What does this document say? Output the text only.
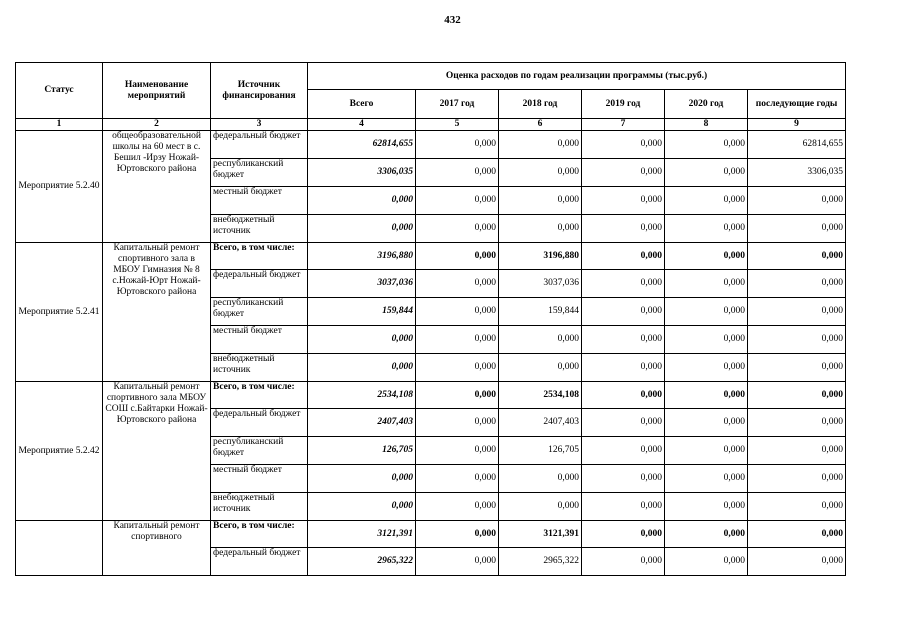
432
Статус	Наименование мероприятий	Источник финансирования	Оценка расходов по годам реализации программы (тыс.руб.)					
			Всего	2017 год	2018 год	2019 год	2020 год	последующие годы
1	2	3	4	5	6	7	8	9
Мероприятие 5.2.40	общеобразовательной школы на 60 мест в с. Бешил -Ирзу Ножай-Юртовского района	федеральный бюджет	62814,655	0,000	0,000	0,000	0,000	62814,655
		республиканский бюджет	3306,035	0,000	0,000	0,000	0,000	3306,035
		местный бюджет	0,000	0,000	0,000	0,000	0,000	0,000
		внебюджетный источник	0,000	0,000	0,000	0,000	0,000	0,000
Мероприятие 5.2.41	Капитальный ремонт спортивного зала в МБОУ Гимназия № 8 с.Ножай-Юрт Ножай-Юртовского района	Всего, в том числе:	3196,880	0,000	3196,880	0,000	0,000	0,000
		федеральный бюджет	3037,036	0,000	3037,036	0,000	0,000	0,000
		республиканский бюджет	159,844	0,000	159,844	0,000	0,000	0,000
		местный бюджет	0,000	0,000	0,000	0,000	0,000	0,000
		внебюджетный источник	0,000	0,000	0,000	0,000	0,000	0,000
Мероприятие 5.2.42	Капитальный ремонт спортивного зала МБОУ СОШ с.Байтарки Ножай-Юртовского района	Всего, в том числе:	2534,108	0,000	2534,108	0,000	0,000	0,000
		федеральный бюджет	2407,403	0,000	2407,403	0,000	0,000	0,000
		республиканский бюджет	126,705	0,000	126,705	0,000	0,000	0,000
		местный бюджет	0,000	0,000	0,000	0,000	0,000	0,000
		внебюджетный источник	0,000	0,000	0,000	0,000	0,000	0,000
	Капитальный ремонт спортивного	Всего, в том числе:	3121,391	0,000	3121,391	0,000	0,000	0,000
		федеральный бюджет	2965,322	0,000	2965,322	0,000	0,000	0,000
